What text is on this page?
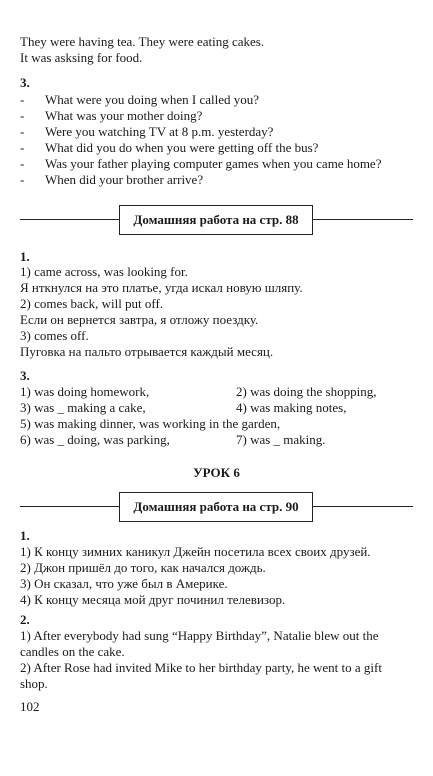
They were having tea. They were eating cakes.
It was asksing for food.
3.
- What were you doing when I called you?
- What was your mother doing?
- Were you watching TV at 8 p.m. yesterday?
- What did you do when you were getting off the bus?
- Was your father playing computer games when you came home?
- When did your brother arrive?
Домашняя работа на стр. 88
1.
1) came across, was looking for.
Я нткнулся на это платье, угда искал новую шляпу.
2) comes back, will put off.
Если он вернется завтра, я отложу поездку.
3) comes off.
Пуговка на пальто отрывается каждый месяц.
3.
1) was doing homework,	2) was doing the shopping,
3) was _ making a cake,	4) was making notes,
5) was making dinner, was working in the garden,
6) was _ doing, was parking,	7) was _ making.
УРОК 6
Домашняя работа на стр. 90
1.
1) К концу зимних каникул Джейн посетила всех своих друзей.
2) Джон пришёл до того, как начался дождь.
3) Он сказал, что уже был в Америке.
4) К концу месяца мой друг починил телевизор.
2.
1) After everybody had sung “Happy Birthday”, Natalie blew out the
candles on the cake.
2) After Rose had invited Mike to her birthday party, he went to a gift
shop.
102
